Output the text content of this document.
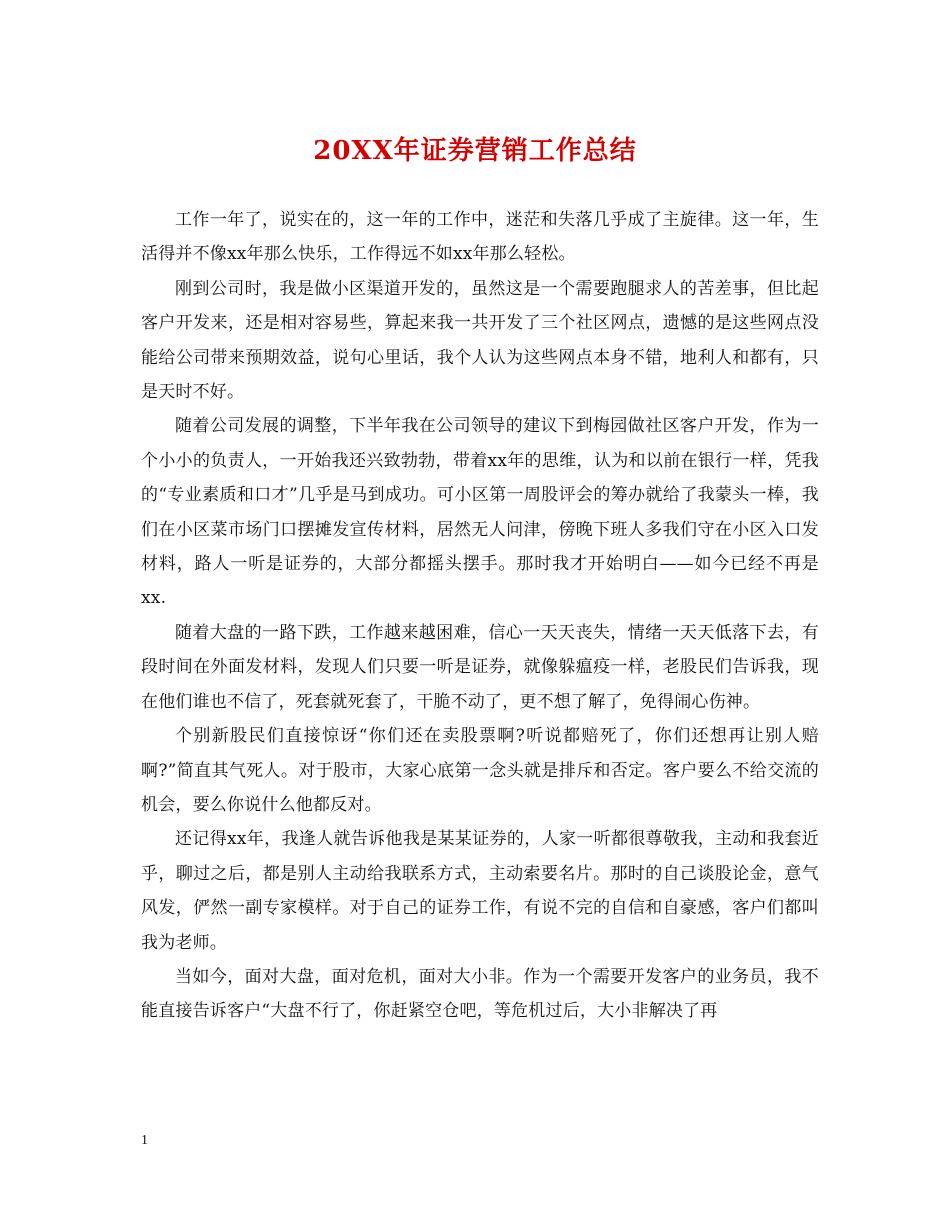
20XX年证券营销工作总结

工作一年了，说实在的，这一年的工作中，迷茫和失落几乎成了主旋律。这一年，生活得并不像xx年那么快乐，工作得远不如xx年那么轻松。

刚到公司时，我是做小区渠道开发的，虽然这是一个需要跑腿求人的苦差事，但比起客户开发来，还是相对容易些，算起来我一共开发了三个社区网点，遗憾的是这些网点没能给公司带来预期效益，说句心里话，我个人认为这些网点本身不错，地利人和都有，只是天时不好。

随着公司发展的调整，下半年我在公司领导的建议下到梅园做社区客户开发，作为一个小小的负责人，一开始我还兴致勃勃，带着xx年的思维，认为和以前在银行一样，凭我的“专业素质和口才”几乎是马到成功。可小区第一周股评会的筹办就给了我蒙头一棒，我们在小区菜市场门口摆摊发宣传材料，居然无人问津，傍晚下班人多我们守在小区入口发材料，路人一听是证券的，大部分都摇头摆手。那时我才开始明白——如今已经不再是xx.

随着大盘的一路下跌，工作越来越困难，信心一天天丧失，情绪一天天低落下去，有段时间在外面发材料，发现人们只要一听是证券，就像躲瘟疫一样，老股民们告诉我，现在他们谁也不信了，死套就死套了，干脆不动了，更不想了解了，免得闹心伤神。

个别新股民们直接惊讶“你们还在卖股票啊?听说都赔死了，你们还想再让别人赔啊?”简直其气死人。对于股市，大家心底第一念头就是排斥和否定。客户要么不给交流的机会，要么你说什么他都反对。

还记得xx年，我逢人就告诉他我是某某证券的，人家一听都很尊敬我，主动和我套近乎，聊过之后，都是别人主动给我联系方式，主动索要名片。那时的自己谈股论金，意气风发，俨然一副专家模样。对于自己的证券工作，有说不完的自信和自豪感，客户们都叫我为老师。

当如今，面对大盘，面对危机，面对大小非。作为一个需要开发客户的业务员，我不能直接告诉客户“大盘不行了，你赶紧空仓吧，等危机过后，大小非解决了再

1
